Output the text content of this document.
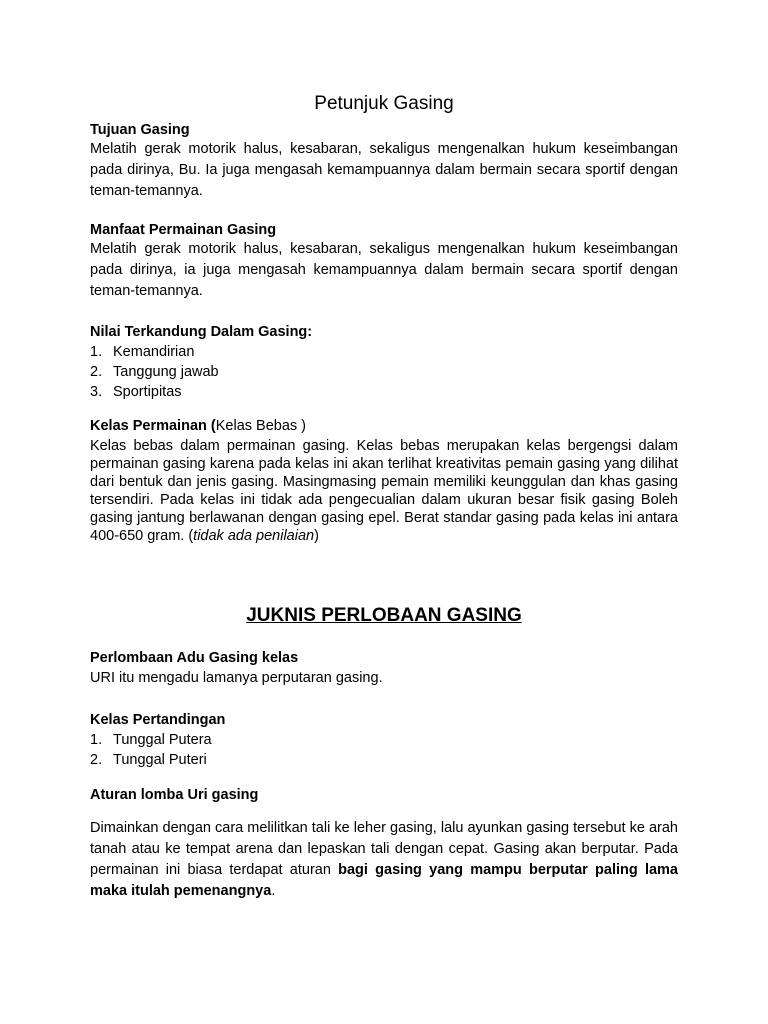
Petunjuk Gasing
Tujuan Gasing
Melatih gerak motorik halus, kesabaran, sekaligus mengenalkan hukum keseimbangan pada dirinya, Bu. Ia juga mengasah kemampuannya dalam bermain secara sportif dengan teman-temannya.
Manfaat Permainan Gasing
Melatih gerak motorik halus, kesabaran, sekaligus mengenalkan hukum keseimbangan pada dirinya, ia juga mengasah kemampuannya dalam bermain secara sportif dengan teman-temannya.
Nilai Terkandung Dalam Gasing:
1. Kemandirian
2. Tanggung jawab
3. Sportipitas
Kelas Permainan (Kelas Bebas )
Kelas bebas dalam permainan gasing. Kelas bebas merupakan kelas bergengsi dalam permainan gasing karena pada kelas ini akan terlihat kreativitas pemain gasing yang dilihat dari bentuk dan jenis gasing. Masingmasing pemain memiliki keunggulan dan khas gasing tersendiri. Pada kelas ini tidak ada pengecualian dalam ukuran besar fisik gasing Boleh gasing jantung berlawanan dengan gasing epel. Berat standar gasing pada kelas ini antara 400-650 gram. (tidak ada penilaian)
JUKNIS PERLOBAAN GASING
Perlombaan Adu Gasing kelas
URI itu mengadu lamanya perputaran gasing.
Kelas Pertandingan
1. Tunggal Putera
2. Tunggal Puteri
Aturan lomba Uri gasing
Dimainkan dengan cara melilitkan tali ke leher gasing, lalu ayunkan gasing tersebut ke arah tanah atau ke tempat arena dan lepaskan tali dengan cepat. Gasing akan berputar. Pada permainan ini biasa terdapat aturan bagi gasing yang mampu berputar paling lama maka itulah pemenangnya.
